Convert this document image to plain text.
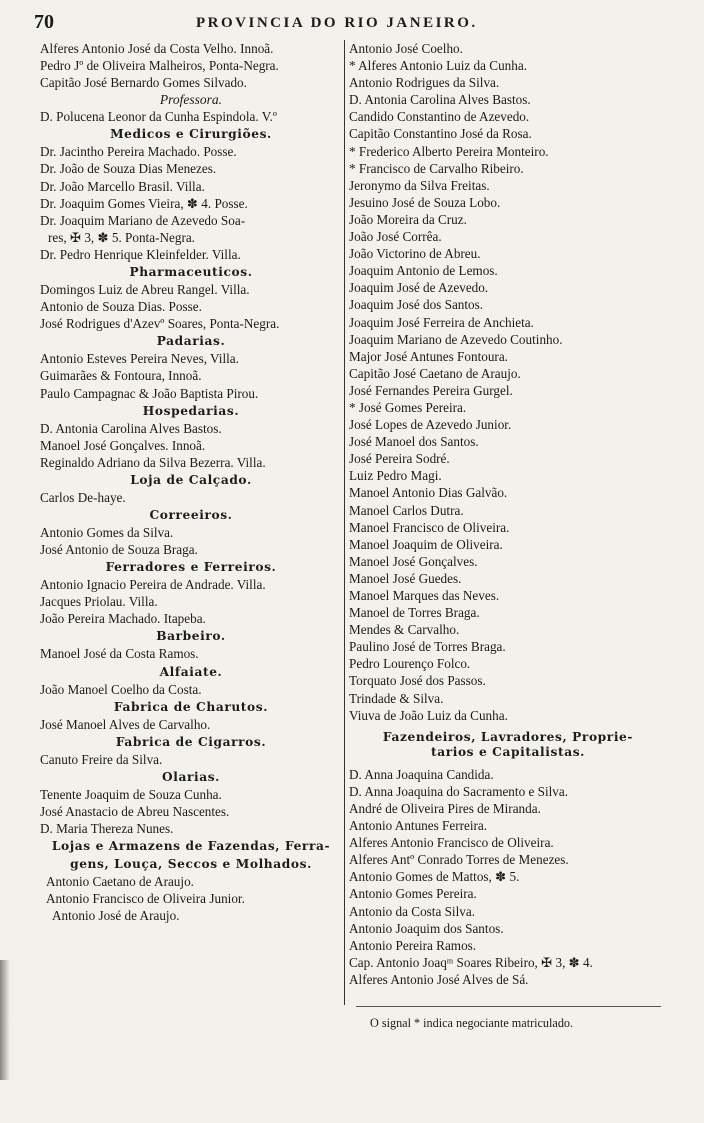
70	PROVINCIA DO RIO JANEIRO.
Alferes Antonio José da Costa Velho. Innoã.
Pedro Jº de Oliveira Malheiros, Ponta-Negra.
Capitão José Bernardo Gomes Silvado.
Professora.
D. Polucena Leonor da Cunha Espindola. V.º
Medicos e Cirurgiões.
Dr. Jacintho Pereira Machado. Posse.
Dr. João de Souza Dias Menezes.
Dr. João Marcello Brasil. Villa.
Dr. Joaquim Gomes Vieira, ✽ 4. Posse.
Dr. Joaquim Mariano de Azevedo Soa-
res, ✠ 3, ✽ 5. Ponta-Negra.
Dr. Pedro Henrique Kleinfelder. Villa.
Pharmaceuticos.
Domingos Luiz de Abreu Rangel. Villa.
Antonio de Souza Dias. Posse.
José Rodrigues d'Azevº Soares, Ponta-Negra.
Padarias.
Antonio Esteves Pereira Neves, Villa.
Guimarães & Fontoura, Innoã.
Paulo Campagnac & João Baptista Pirou.
Hospedarias.
D. Antonia Carolina Alves Bastos.
Manoel José Gonçalves. Innoã.
Reginaldo Adriano da Silva Bezerra. Villa.
Loja de Calçado.
Carlos De-haye.
Correeiros.
Antonio Gomes da Silva.
José Antonio de Souza Braga.
Ferradores e Ferreiros.
Antonio Ignacio Pereira de Andrade. Villa.
Jacques Priolau. Villa.
João Pereira Machado. Itapeba.
Barbeiro.
Manoel José da Costa Ramos.
Alfaiate.
João Manoel Coelho da Costa.
Fabrica de Charutos.
José Manoel Alves de Carvalho.
Fabrica de Cigarros.
Canuto Freire da Silva.
Olarias.
Tenente Joaquim de Souza Cunha.
José Anastacio de Abreu Nascentes.
D. Maria Thereza Nunes.
Lojas e Armazens de Fazendas, Ferra-
gens, Louça, Seccos e Molhados.
Antonio Caetano de Araujo.
Antonio Francisco de Oliveira Junior.
Antonio José de Araujo.
Antonio José Coelho.
* Alferes Antonio Luiz da Cunha.
Antonio Rodrigues da Silva.
D. Antonia Carolina Alves Bastos.
Candido Constantino de Azevedo.
Capitão Constantino José da Rosa.
* Frederico Alberto Pereira Monteiro.
* Francisco de Carvalho Ribeiro.
Jeronymo da Silva Freitas.
Jesuino José de Souza Lobo.
João Moreira da Cruz.
João José Corrêa.
João Victorino de Abreu.
Joaquim Antonio de Lemos.
Joaquim José de Azevedo.
Joaquim José dos Santos.
Joaquim José Ferreira de Anchieta.
Joaquim Mariano de Azevedo Coutinho.
Major José Antunes Fontoura.
Capitão José Caetano de Araujo.
José Fernandes Pereira Gurgel.
* José Gomes Pereira.
José Lopes de Azevedo Junior.
José Manoel dos Santos.
José Pereira Sodré.
Luiz Pedro Magi.
Manoel Antonio Dias Galvão.
Manoel Carlos Dutra.
Manoel Francisco de Oliveira.
Manoel Joaquim de Oliveira.
Manoel José Gonçalves.
Manoel José Guedes.
Manoel Marques das Neves.
Manoel de Torres Braga.
Mendes & Carvalho.
Paulino José de Torres Braga.
Pedro Lourenço Folco.
Torquato José dos Passos.
Trindade & Silva.
Viuva de João Luiz da Cunha.
Fazendeiros, Lavradores, Proprie-
tarios e Capitalistas.
D. Anna Joaquina Candida.
D. Anna Joaquina do Sacramento e Silva.
André de Oliveira Pires de Miranda.
Antonio Antunes Ferreira.
Alferes Antonio Francisco de Oliveira.
Alferes Antº Conrado Torres de Menezes.
Antonio Gomes de Mattos, ✽ 5.
Antonio Gomes Pereira.
Antonio da Costa Silva.
Antonio Joaquim dos Santos.
Antonio Pereira Ramos.
Cap. Antonio Joaqᵐ Soares Ribeiro, ✠ 3, ✽ 4.
Alferes Antonio José Alves de Sá.
O signal * indica negociante matriculado.
